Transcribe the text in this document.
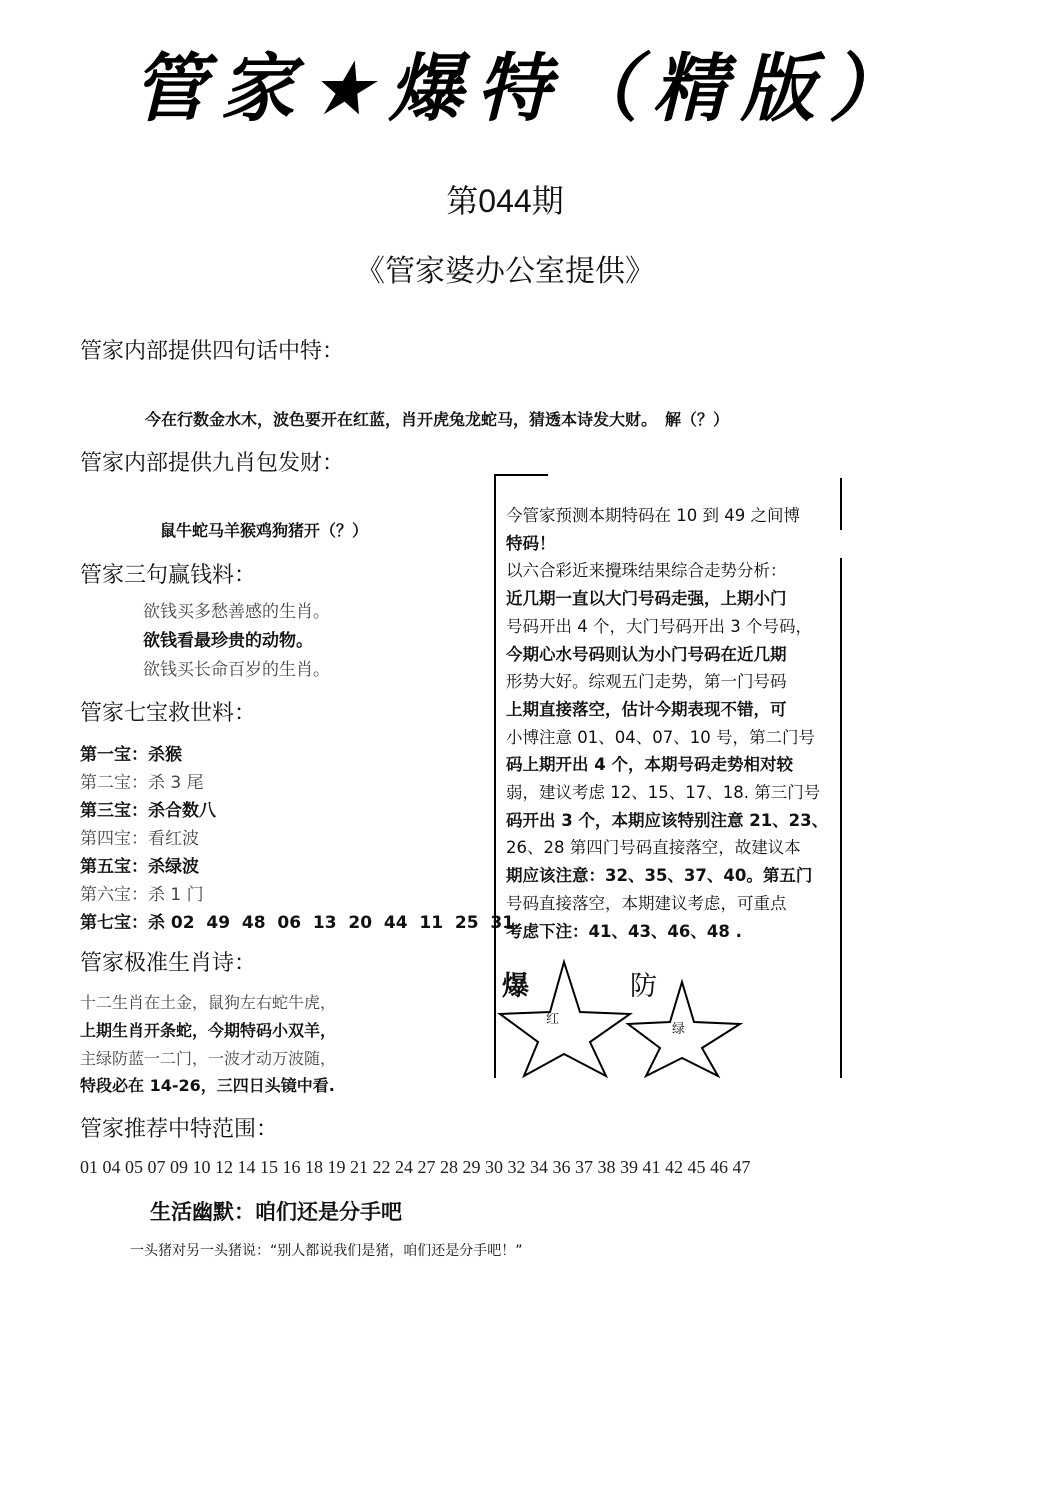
管家★爆特（精版）
第044期
《管家婆办公室提供》
管家内部提供四句话中特：
今在行数金水木，波色要开在红蓝，肖开虎兔龙蛇马，猜透本诗发大财。　解（？）
管家内部提供九肖包发财：
鼠牛蛇马羊猴鸡狗猪开（？）
管家三句赢钱料：
欲钱买多愁善感的生肖。
欲钱看最珍贵的动物。
欲钱买长命百岁的生肖。
管家七宝救世料：
第一宝：杀猴
第二宝：杀 3 尾
第三宝：杀合数八
第四宝：看红波
第五宝：杀绿波
第六宝：杀 1 门
第七宝：杀 02  49  48  06  13  20  44  11  25  31
管家极准生肖诗：
十二生肖在土金，鼠狗左右蛇牛虎，
上期生肖开条蛇，今期特码小双羊，
主绿防蓝一二门，一波才动万波随，
特段必在 14-26，三四日头镜中看.
管家推荐中特范围：
01 04 05 07 09 10 12 14 15 16 18 19 21 22 24 27 28 29 30 32 34 36 37 38 39 41 42 45 46 47
生活幽默：咱们还是分手吧
一头猪对另一头猪说：“别人都说我们是猪，咱们还是分手吧！”
今管家预测本期特码在 10 到 49 之间博
特码！
以六合彩近来攪珠结果综合走势分析：
近几期一直以大门号码走强，上期小门
号码开出 4 个，大门号码开出 3 个号码，
今期心水号码则认为小门号码在近几期
形势大好。综观五门走势，第一门号码
上期直接落空，估计今期表现不错，可
小博注意 01、04、07、10 号，第二门号
码上期开出 4 个，本期号码走势相对较
弱，建议考虑 12、15、17、18. 第三门号
码开出 3 个，本期应该特别注意 21、23、
26、28 第四门号码直接落空，故建议本
期应该注意：32、35、37、40。第五门
号码直接落空，本期建议考虑，可重点
考虑下注：41、43、46、48 .
爆	防
红
绿
